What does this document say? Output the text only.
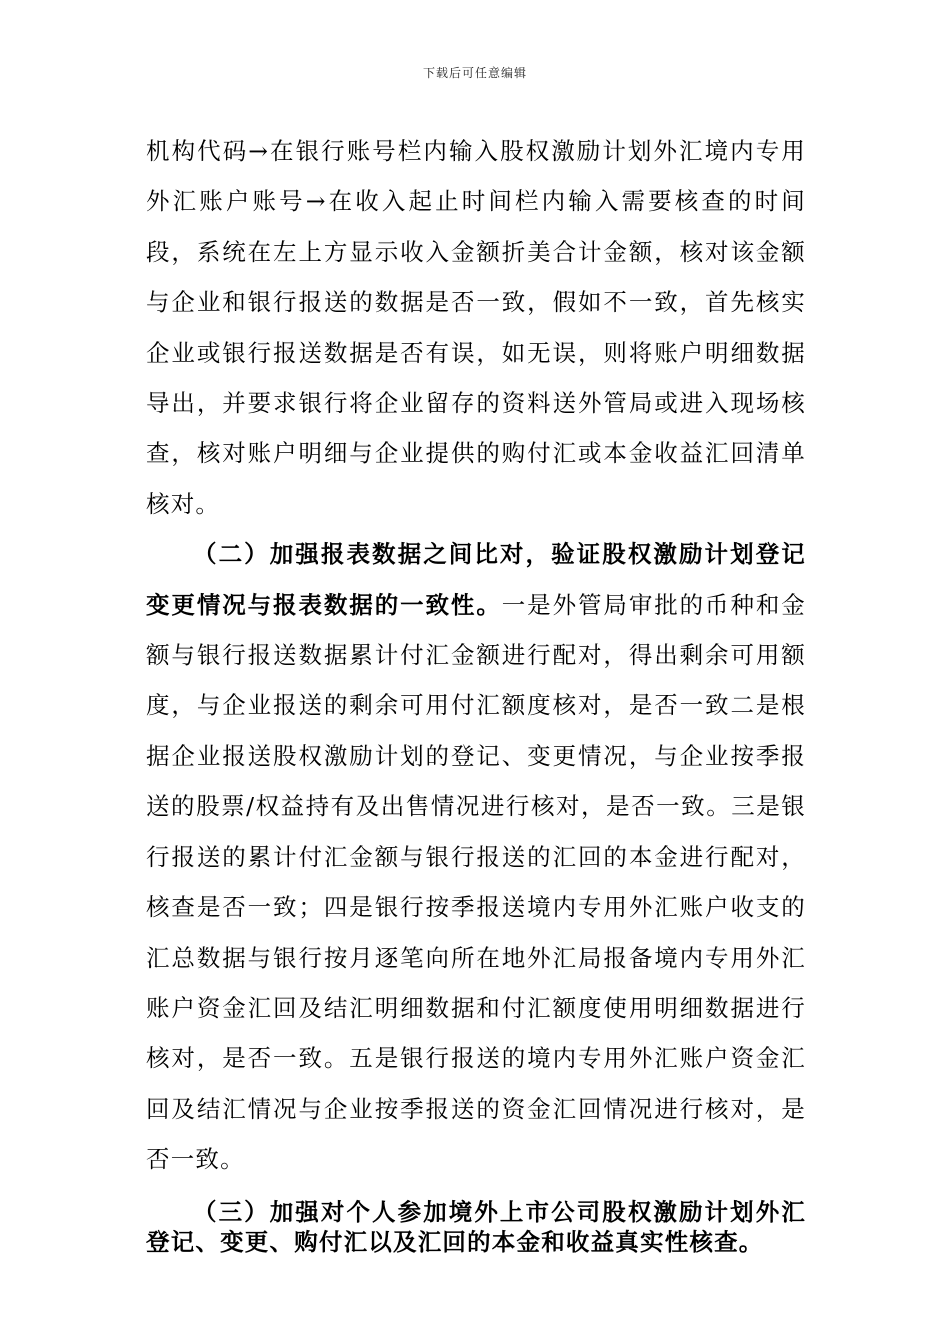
下载后可任意编辑

机构代码→在银行账号栏内输入股权激励计划外汇境内专用外汇账户账号→在收入起止时间栏内输入需要核查的时间段，系统在左上方显示收入金额折美合计金额，核对该金额与企业和银行报送的数据是否一致，假如不一致，首先核实企业或银行报送数据是否有误，如无误，则将账户明细数据导出，并要求银行将企业留存的资料送外管局或进入现场核查，核对账户明细与企业提供的购付汇或本金收益汇回清单核对。

（二）加强报表数据之间比对，验证股权激励计划登记变更情况与报表数据的一致性。一是外管局审批的币种和金额与银行报送数据累计付汇金额进行配对，得出剩余可用额度，与企业报送的剩余可用付汇额度核对，是否一致二是根据企业报送股权激励计划的登记、变更情况，与企业按季报送的股票/权益持有及出售情况进行核对，是否一致。三是银行报送的累计付汇金额与银行报送的汇回的本金进行配对，核查是否一致；四是银行按季报送境内专用外汇账户收支的汇总数据与银行按月逐笔向所在地外汇局报备境内专用外汇账户资金汇回及结汇明细数据和付汇额度使用明细数据进行核对，是否一致。五是银行报送的境内专用外汇账户资金汇回及结汇情况与企业按季报送的资金汇回情况进行核对，是否一致。

（三）加强对个人参加境外上市公司股权激励计划外汇登记、变更、购付汇以及汇回的本金和收益真实性核查。
